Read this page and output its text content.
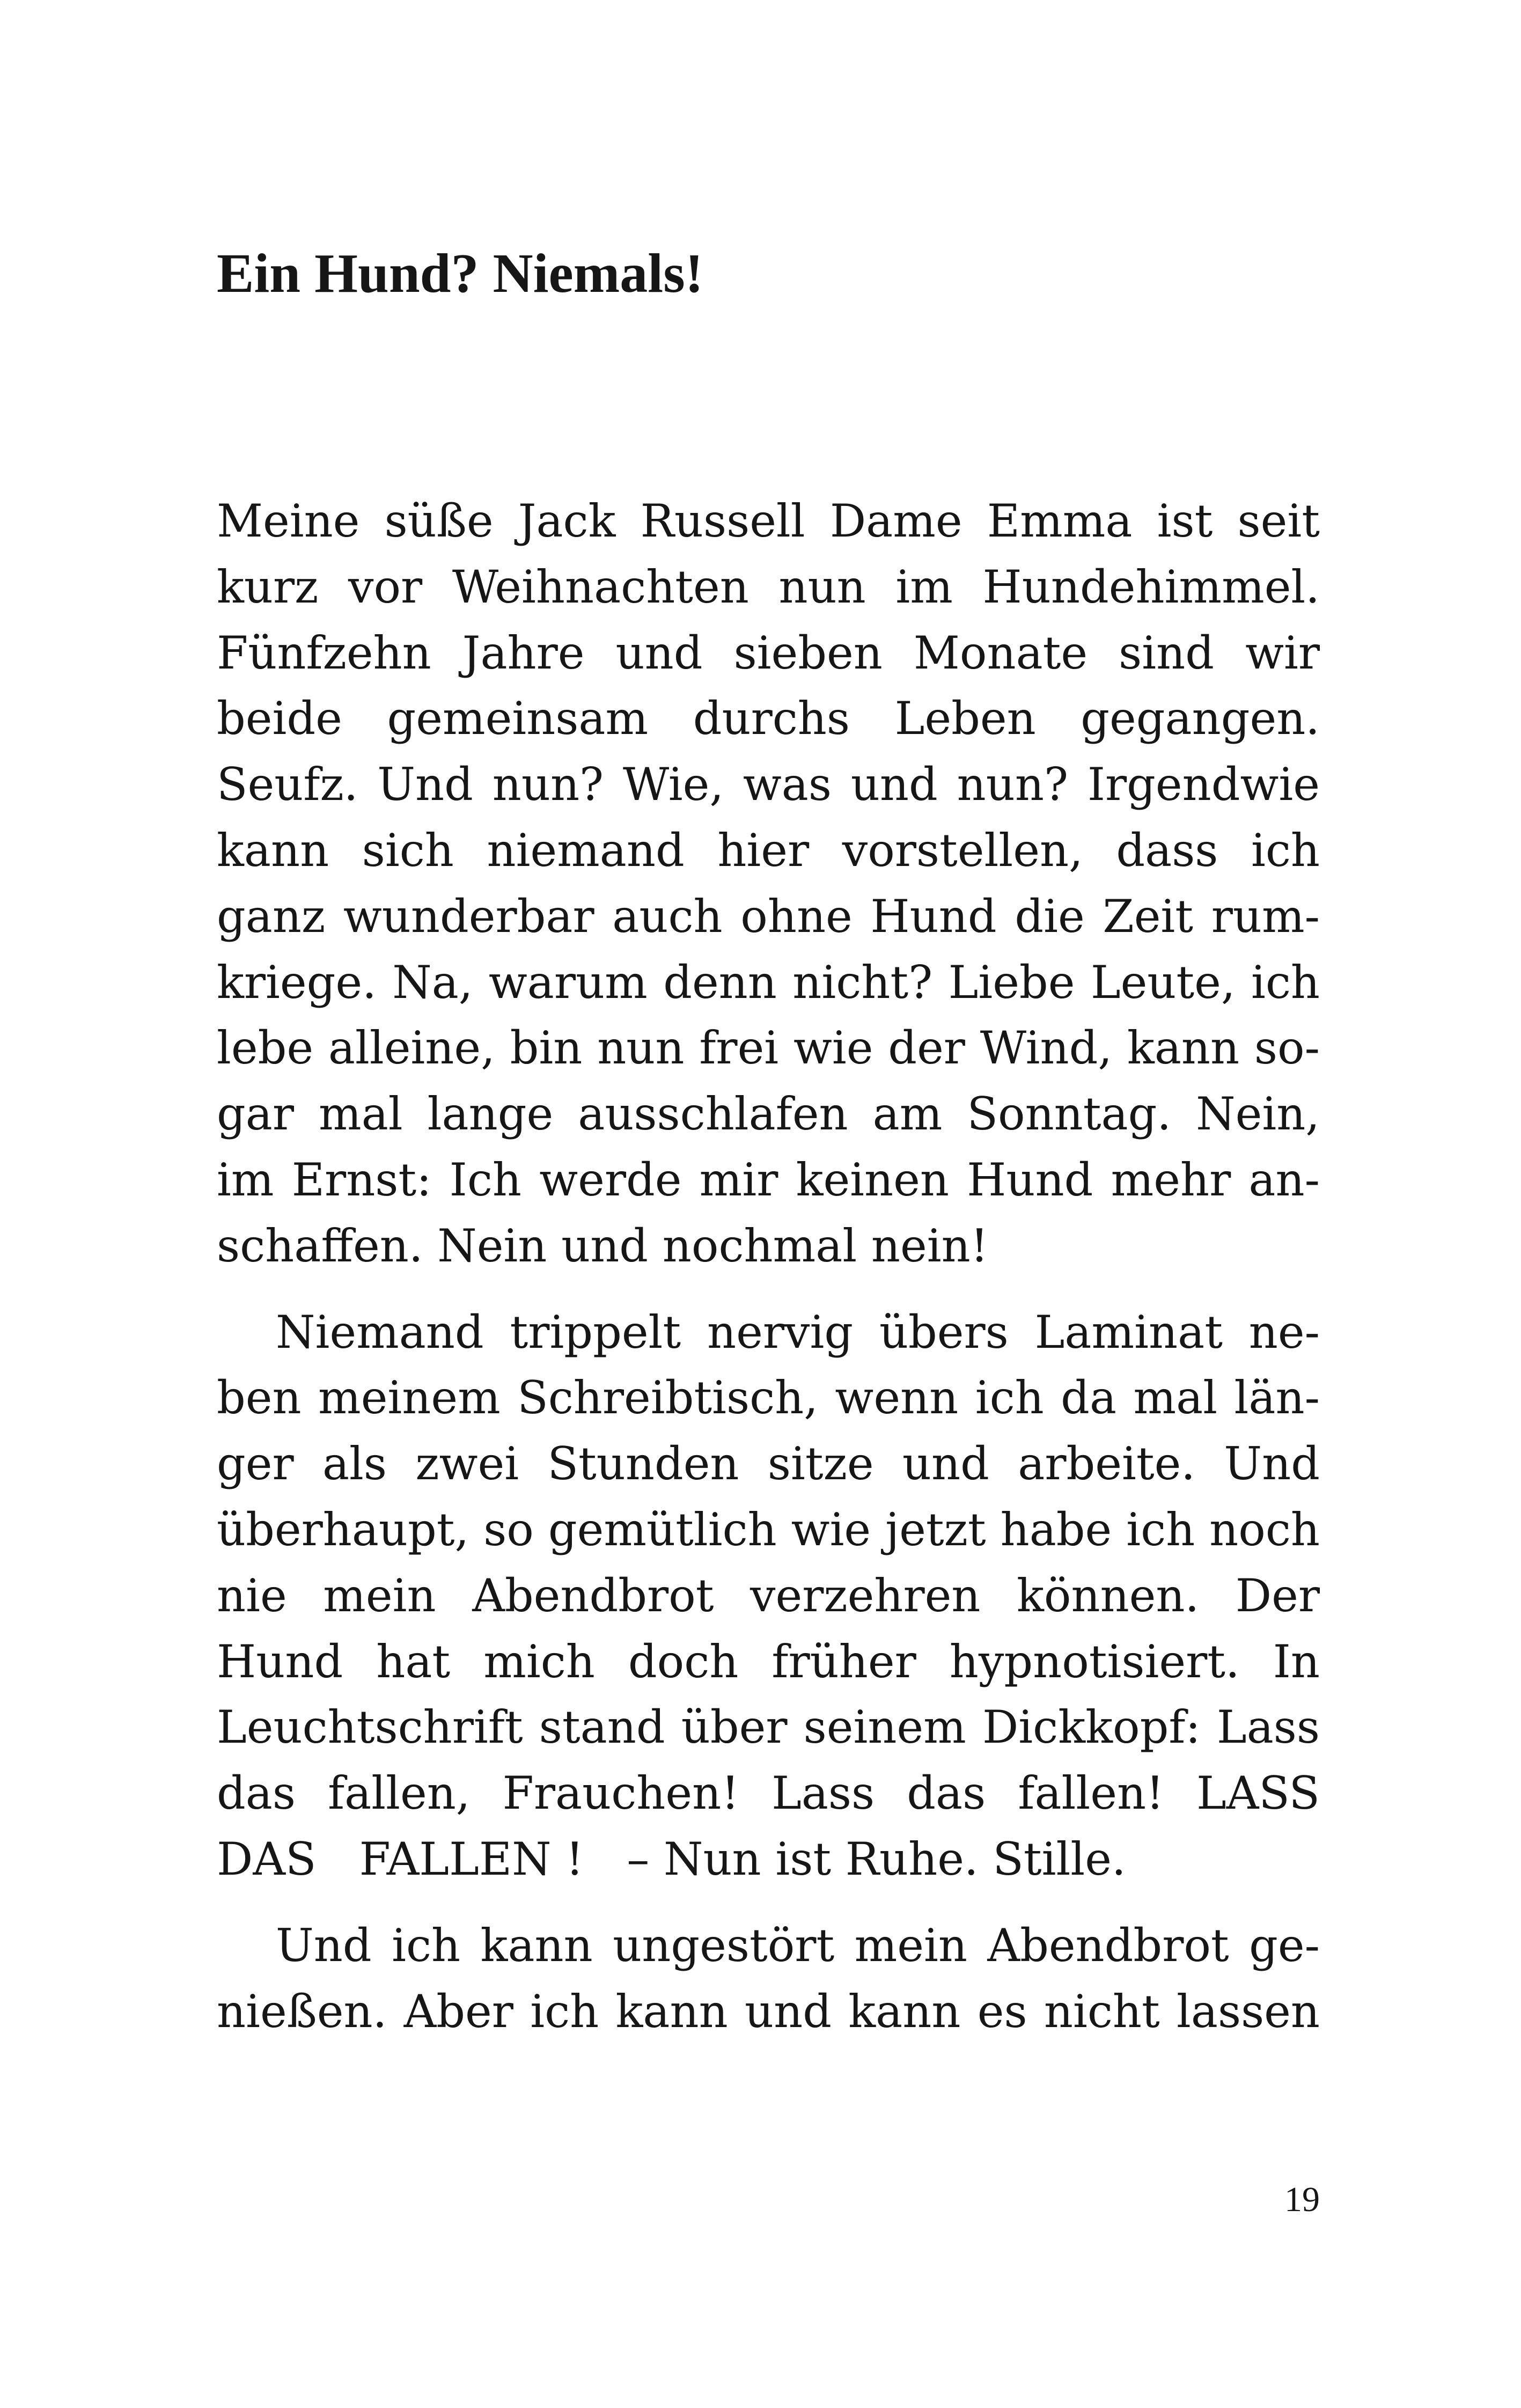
Ein Hund? Niemals!

Meine süße Jack Russell Dame Emma ist seit
kurz vor Weihnachten nun im Hundehimmel.
Fünfzehn Jahre und sieben Monate sind wir
beide gemeinsam durchs Leben gegangen.
Seufz. Und nun? Wie, was und nun? Irgendwie
kann sich niemand hier vorstellen, dass ich
ganz wunderbar auch ohne Hund die Zeit rum-
kriege. Na, warum denn nicht? Liebe Leute, ich
lebe alleine, bin nun frei wie der Wind, kann so-
gar mal lange ausschlafen am Sonntag. Nein,
im Ernst: Ich werde mir keinen Hund mehr an-
schaffen. Nein und nochmal nein!

Niemand trippelt nervig übers Laminat ne-
ben meinem Schreibtisch, wenn ich da mal län-
ger als zwei Stunden sitze und arbeite. Und
überhaupt, so gemütlich wie jetzt habe ich noch
nie mein Abendbrot verzehren können. Der
Hund hat mich doch früher hypnotisiert. In
Leuchtschrift stand über seinem Dickkopf: Lass
das fallen, Frauchen! Lass das fallen! LASS
DAS   FALLEN !   – Nun ist Ruhe. Stille.

Und ich kann ungestört mein Abendbrot ge-
nießen. Aber ich kann und kann es nicht lassen

19
